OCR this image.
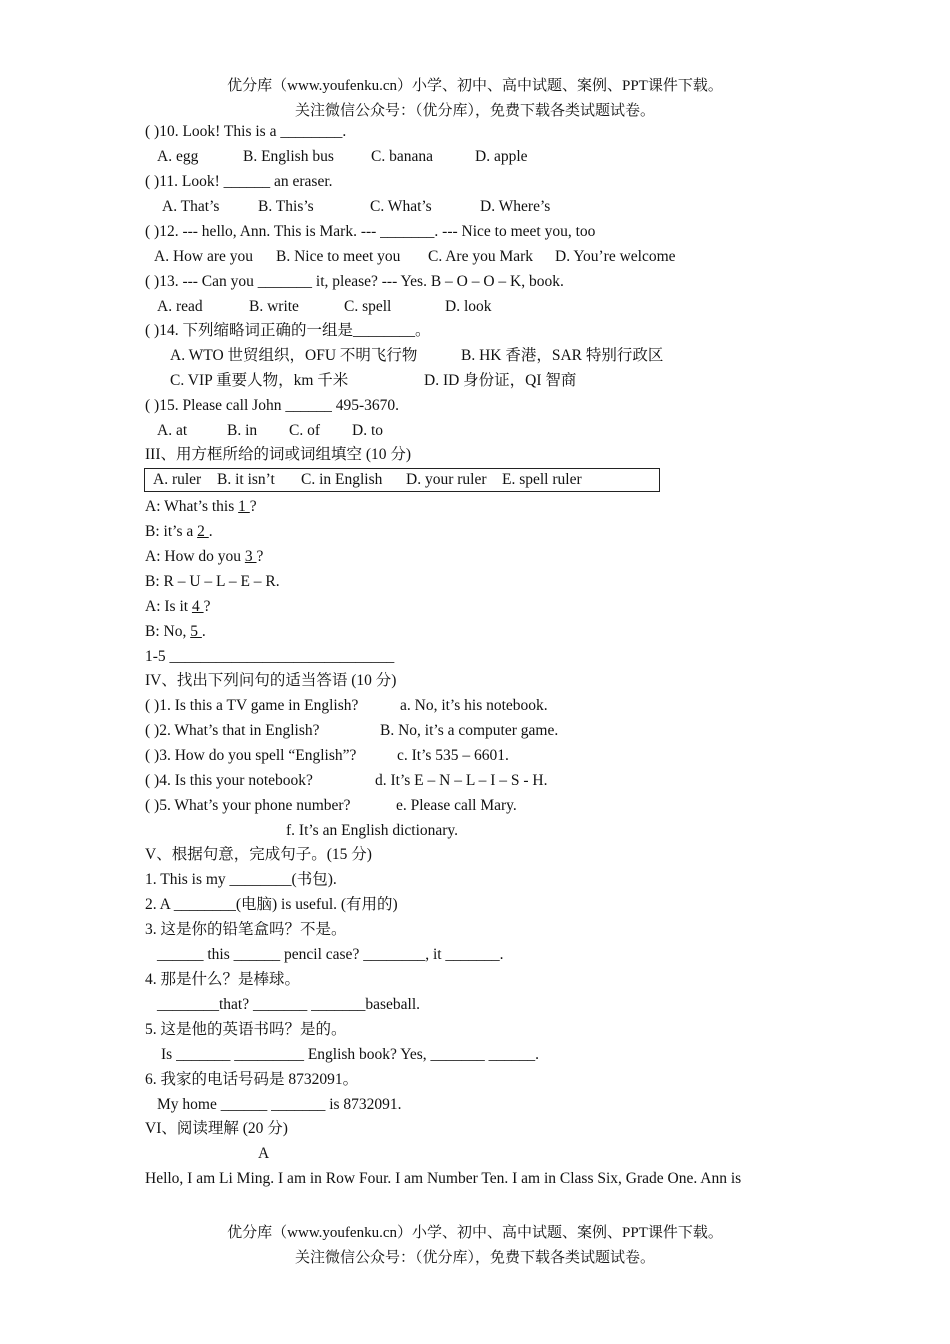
优分库（www.youfenku.cn）小学、初中、高中试题、案例、PPT课件下载。
关注微信公众号：（优分库），免费下载各类试题试卷。
( )10. Look! This is a ________.
A. egg	B. English bus C. banana	D. apple
( )11. Look! ______ an eraser.
A. That’s B. This’s	C. What’s	D. Where’s
( )12. --- hello, Ann. This is Mark. --- _______. --- Nice to meet you, too
A. How are you B. Nice to meet you C. Are you Mark D. You’re welcome
( )13. --- Can you _______ it, please? --- Yes. B – O – O – K, book.
A. read	B. write	C. spell	D. look
( )14. 下列缩略词正确的一组是________。
A. WTO 世贸组织，OFU 不明飞行物	B. HK 香港，SAR 特别行政区
C. VIP 重要人物，km 千米	D. ID 身份证，QI 智商
( )15. Please call John ______ 495-3670.
A. at	B. in C. of D. to
III、用方框所给的词或词组填空 (10 分)
A. ruler B. it isn’t C. in English D. your ruler E. spell ruler
A: What’s this 1 ?
B: it’s a 2 .
A: How do you 3 ?
B: R – U – L – E – R.
A: Is it 4 ?
B: No, 5 .
1-5 _____________________________
IV、找出下列问句的适当答语 (10 分)
( )1. Is this a TV game in English?	a. No, it’s his notebook.
( )2. What’s that in English?	B. No, it’s a computer game.
( )3. How do you spell “English”?	c. It’s 535 – 6601.
( )4. Is this your notebook?	d. It’s E – N – L – I – S - H.
( )5. What’s your phone number?	e. Please call Mary.
f. It’s an English dictionary.
V、根据句意，完成句子。(15 分)
1. This is my ________(书包).
2. A ________(电脑) is useful. (有用的)
3. 这是你的铅笔盒吗？不是。
______ this ______ pencil case? ________, it _______.
4. 那是什么？是棒球。
________that? _______ _______baseball.
5. 这是他的英语书吗？是的。
Is _______ _________ English book? Yes, _______ ______.
6. 我家的电话号码是 8732091。
My home ______ _______ is 8732091.
VI、阅读理解 (20 分)
A
Hello, I am Li Ming. I am in Row Four. I am Number Ten. I am in Class Six, Grade One. Ann is
优分库（www.youfenku.cn）小学、初中、高中试题、案例、PPT课件下载。
关注微信公众号：（优分库），免费下载各类试题试卷。
